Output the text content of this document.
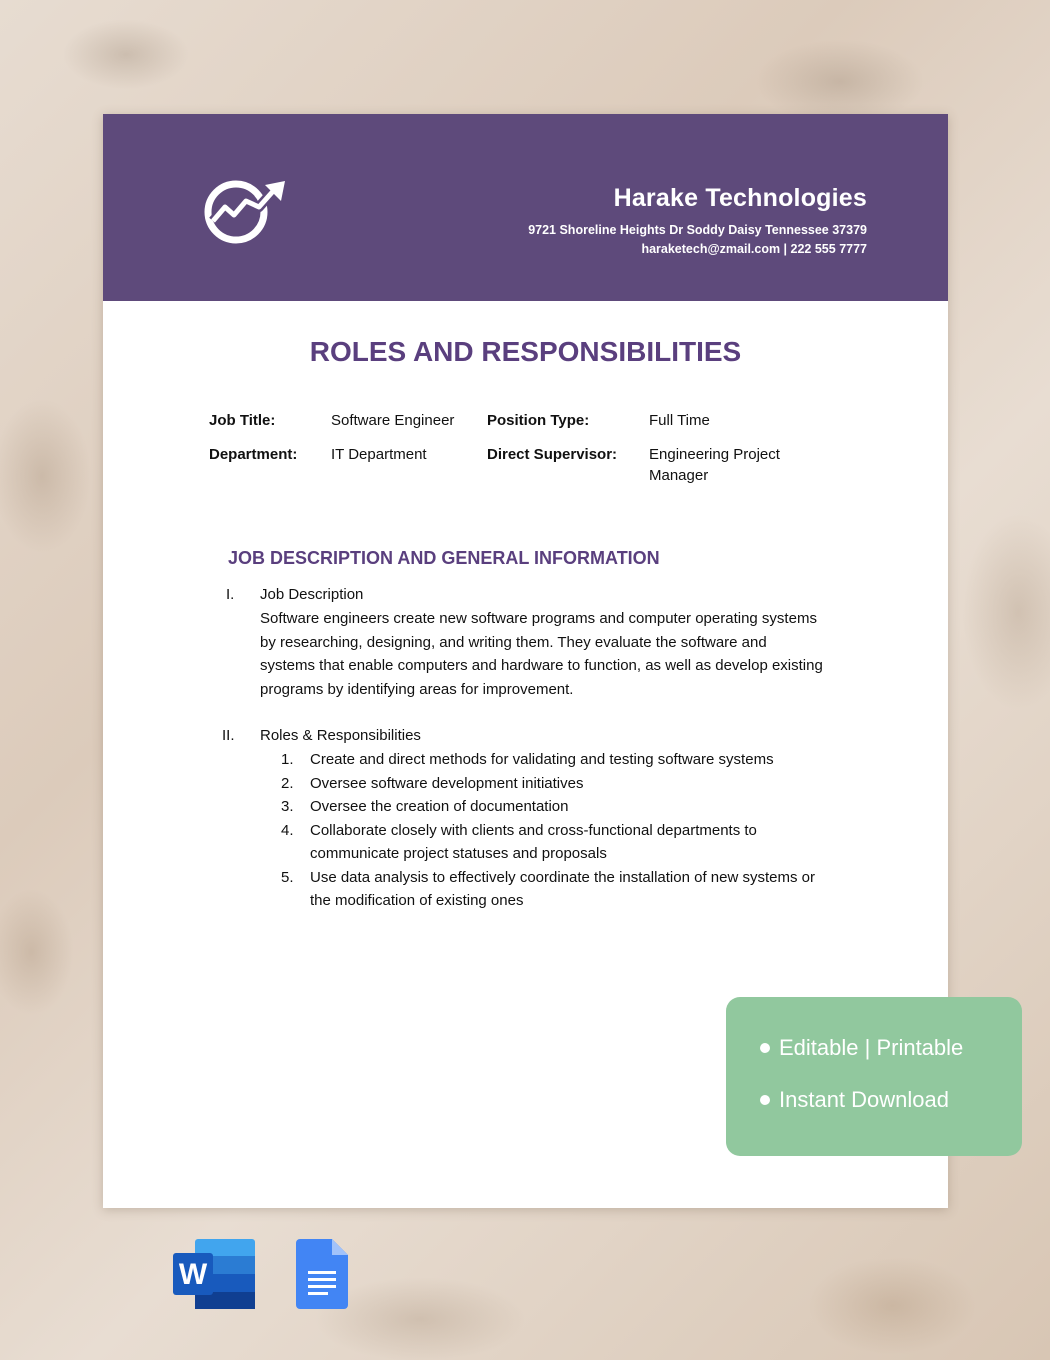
Harake Technologies
9721 Shoreline Heights Dr Soddy Daisy Tennessee 37379
haraketech@zmail.com | 222 555 7777
ROLES AND RESPONSIBILITIES
Job Title:	Software Engineer Position Type:	Full Time
Department: IT Department	Direct Supervisor: Engineering Project Manager
JOB DESCRIPTION AND GENERAL INFORMATION
I. Job Description
Software engineers create new software programs and computer operating systems by researching, designing, and writing them. They evaluate the software and systems that enable computers and hardware to function, as well as develop existing programs by identifying areas for improvement.
II. Roles & Responsibilities
1. Create and direct methods for validating and testing software systems
2. Oversee software development initiatives
3. Oversee the creation of documentation
4. Collaborate closely with clients and cross-functional departments to communicate project statuses and proposals
5. Use data analysis to effectively coordinate the installation of new systems or the modification of existing ones
Editable | Printable
Instant Download
W
